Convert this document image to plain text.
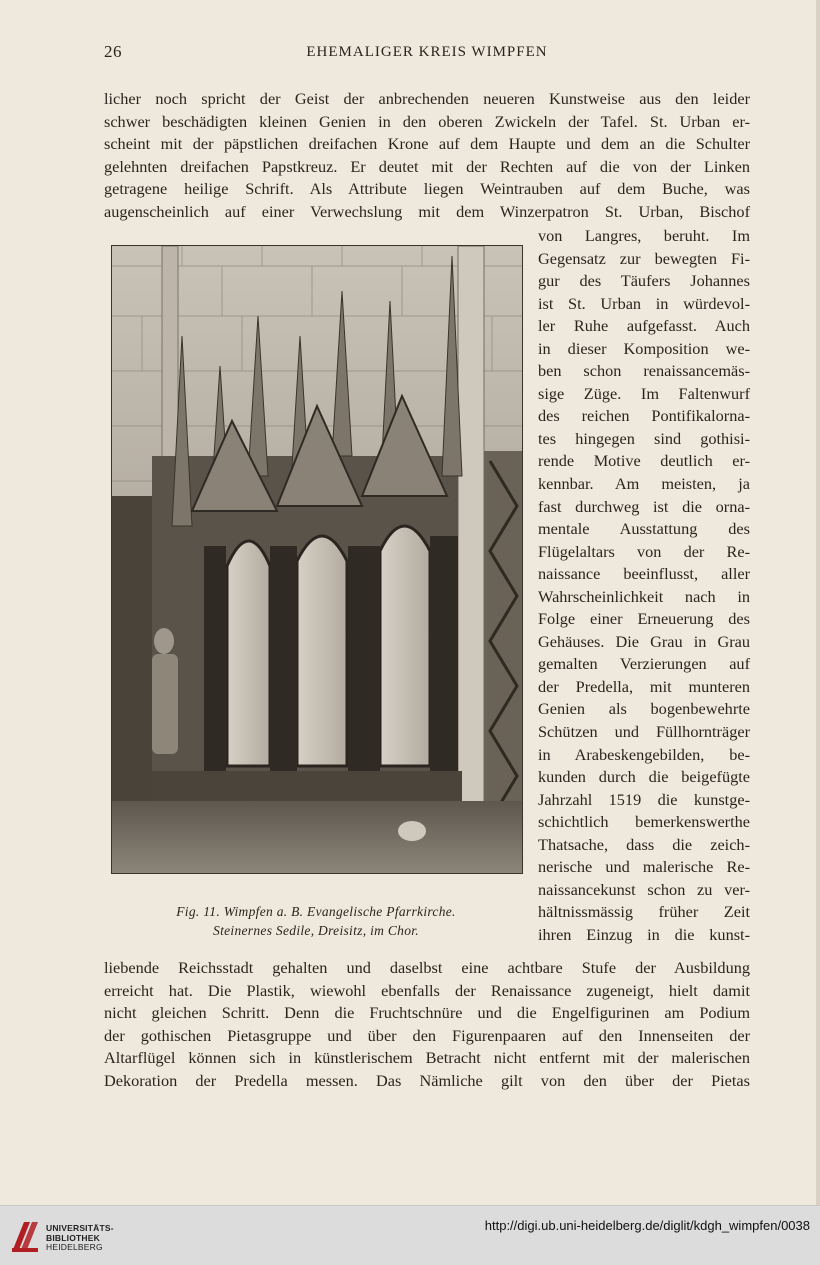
26	EHEMALIGER KREIS WIMPFEN
licher noch spricht der Geist der anbrechenden neueren Kunstweise aus den leider
schwer beschädigten kleinen Genien in den oberen Zwickeln der Tafel. St. Urban er-
scheint mit der päpstlichen dreifachen Krone auf dem Haupte und dem an die Schulter
gelehnten dreifachen Papstkreuz. Er deutet mit der Rechten auf die von der Linken
getragene heilige Schrift. Als Attribute liegen Weintrauben auf dem Buche, was
augenscheinlich auf einer Verwechslung mit dem Winzerpatron St. Urban, Bischof
Fig. 11. Wimpfen a. B. Evangelische Pfarrkirche.
Steinernes Sedile, Dreisitz, im Chor.
von Langres, beruht. Im
Gegensatz zur bewegten Fi-
gur des Täufers Johannes
ist St. Urban in würdevol-
ler Ruhe aufgefasst. Auch
in dieser Komposition we-
ben schon renaissancemäs-
sige Züge. Im Faltenwurf
des reichen Pontifikalorna-
tes hingegen sind gothisi-
rende Motive deutlich er-
kennbar. Am meisten, ja
fast durchweg ist die orna-
mentale Ausstattung des
Flügelaltars von der Re-
naissance beeinflusst, aller
Wahrscheinlichkeit nach in
Folge einer Erneuerung des
Gehäuses. Die Grau in Grau
gemalten Verzierungen auf
der Predella, mit munteren
Genien als bogenbewehrte
Schützen und Füllhornträger
in Arabeskengebilden, be-
kunden durch die beigefügte
Jahrzahl 1519 die kunstge-
schichtlich bemerkenswerthe
Thatsache, dass die zeich-
nerische und malerische Re-
naissancekunst schon zu ver-
hältnissmässig früher Zeit
ihren Einzug in die kunst-
liebende Reichsstadt gehalten und daselbst eine achtbare Stufe der Ausbildung
erreicht hat. Die Plastik, wiewohl ebenfalls der Renaissance zugeneigt, hielt damit
nicht gleichen Schritt. Denn die Fruchtschnüre und die Engelfigurinen am Podium
der gothischen Pietasgruppe und über den Figurenpaaren auf den Innenseiten der
Altarflügel können sich in künstlerischem Betracht nicht entfernt mit der malerischen
Dekoration der Predella messen. Das Nämliche gilt von den über der Pietas
UNIVERSITÄTS-
BIBLIOTHEK
HEIDELBERG
http://digi.ub.uni-heidelberg.de/diglit/kdgh_wimpfen/0038
